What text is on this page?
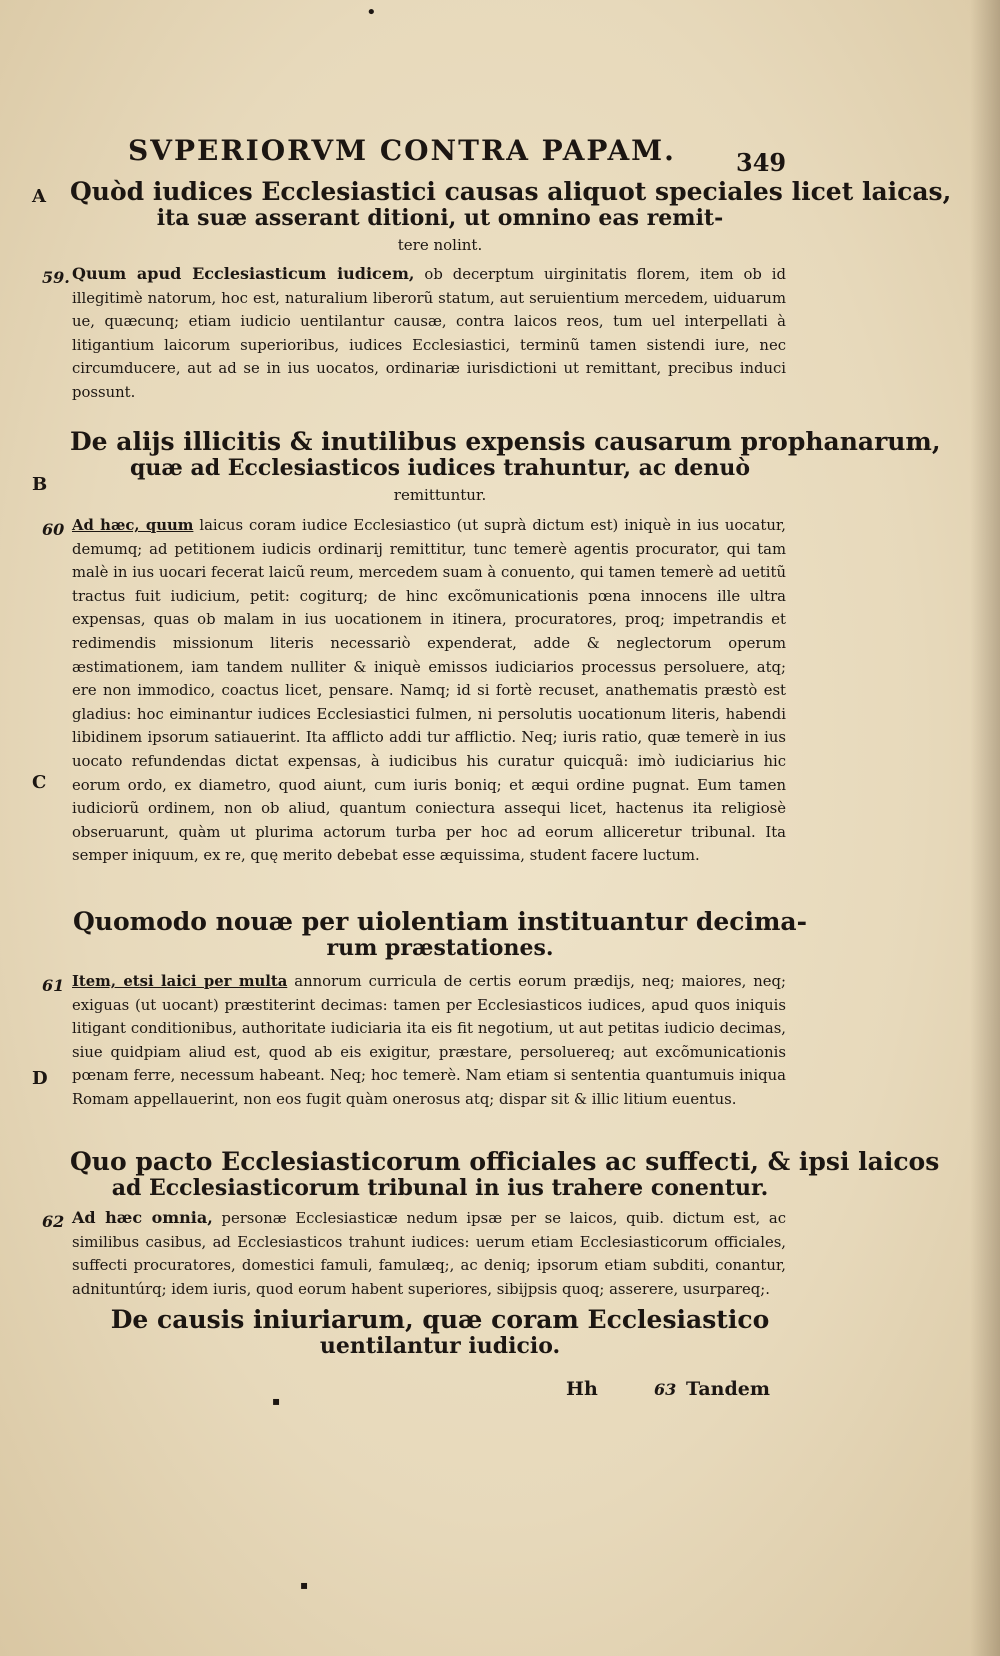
•
SVPERIORVM CONTRA PAPAM.	349
A
B
C
D
Quòd iudices Ecclesiastici causas aliquot speciales licet laicas,
ita suæ asserant ditioni, ut omnino eas remit-
tere nolint.
59. Quum apud Ecclesiasticum iudicem, ob decerptum uirginitatis florem, item ob id illegitimè natorum, hoc est, naturalium liberorũ statum, aut seruientium mercedem, uiduarum ue, quæcunq; etiam iudicio uentilantur causæ, contra laicos reos, tum uel interpellati à litigantium laicorum superioribus, iudices Ecclesiastici, terminũ tamen sistendi iure, nec circumducere, aut ad se in ius uocatos, ordinariæ iurisdictioni ut remittant, precibus induci possunt.
De alijs illicitis & inutilibus expensis causarum prophanarum,
quæ ad Ecclesiasticos iudices trahuntur, ac denuò
remittuntur.
60 Ad hæc, quum laicus coram iudice Ecclesiastico (ut suprà dictum est) iniquè in ius uocatur, demumq; ad petitionem iudicis ordinarij remittitur, tunc temerè agentis procurator, qui tam malè in ius uocari fecerat laicũ reum, mercedem suam à conuento, qui tamen temerè ad uetitũ tractus fuit iudicium, petit: cogiturq; de hinc excõmunicationis pœna innocens ille ultra expensas, quas ob malam in ius uocationem in itinera, procuratores, proq; impetrandis et redimendis missionum literis necessariò expenderat, adde & neglectorum operum æstimationem, iam tandem nulliter & iniquè emissos iudiciarios processus persoluere, atq; ere non immodico, coactus licet, pensare. Namq; id si fortè recuset, anathematis præstò est gladius: hoc eiminantur iudices Ecclesiastici fulmen, ni persolutis uocationum literis, habendi libidinem ipsorum satiauerint. Ita afflicto addi tur afflictio. Neq; iuris ratio, quæ temerè in ius uocato refundendas dictat expensas, à iudicibus his curatur quicquã: imò iudiciarius hic eorum ordo, ex diametro, quod aiunt, cum iuris boniq; et æqui ordine pugnat. Eum tamen iudiciorũ ordinem, non ob aliud, quantum coniectura assequi licet, hactenus ita religiosè obseruarunt, quàm ut plurima actorum turba per hoc ad eorum alliceretur tribunal. Ita semper iniquum, ex re, quę merito debebat esse æquissima, student facere luctum.
Quomodo nouæ per uiolentiam instituantur decima-
rum præstationes.
61 Item, etsi laici per multa annorum curricula de certis eorum prædijs, neq; maiores, neq; exiguas (ut uocant) præstiterint decimas: tamen per Ecclesiasticos iudices, apud quos iniquis litigant conditionibus, authoritate iudiciaria ita eis fit negotium, ut aut petitas iudicio decimas, siue quidpiam aliud est, quod ab eis exigitur, præstare, persoluereq; aut excõmunicationis pœnam ferre, necessum habeant. Neq; hoc temerè. Nam etiam si sententia quantumuis iniqua Romam appellauerint, non eos fugit quàm onerosus atq; dispar sit & illic litium euentus.
Quo pacto Ecclesiasticorum officiales ac suffecti, & ipsi laicos
ad Ecclesiasticorum tribunal in ius trahere conentur.
62 Ad hæc omnia, personæ Ecclesiasticæ nedum ipsæ per se laicos, quib. dictum est, ac similibus casibus, ad Ecclesiasticos trahunt iudices: uerum etiam Ecclesiasticorum officiales, suffecti procuratores, domestici famuli, famulæq;, ac deniq; ipsorum etiam subditi, conantur, adnituntúrq; idem iuris, quod eorum habent superiores, sibijpsis quoq; asserere, usurpareq;.
De causis iniuriarum, quæ coram Ecclesiastico
uentilantur iudicio.
Hh	63 Tandem
▪
▪
